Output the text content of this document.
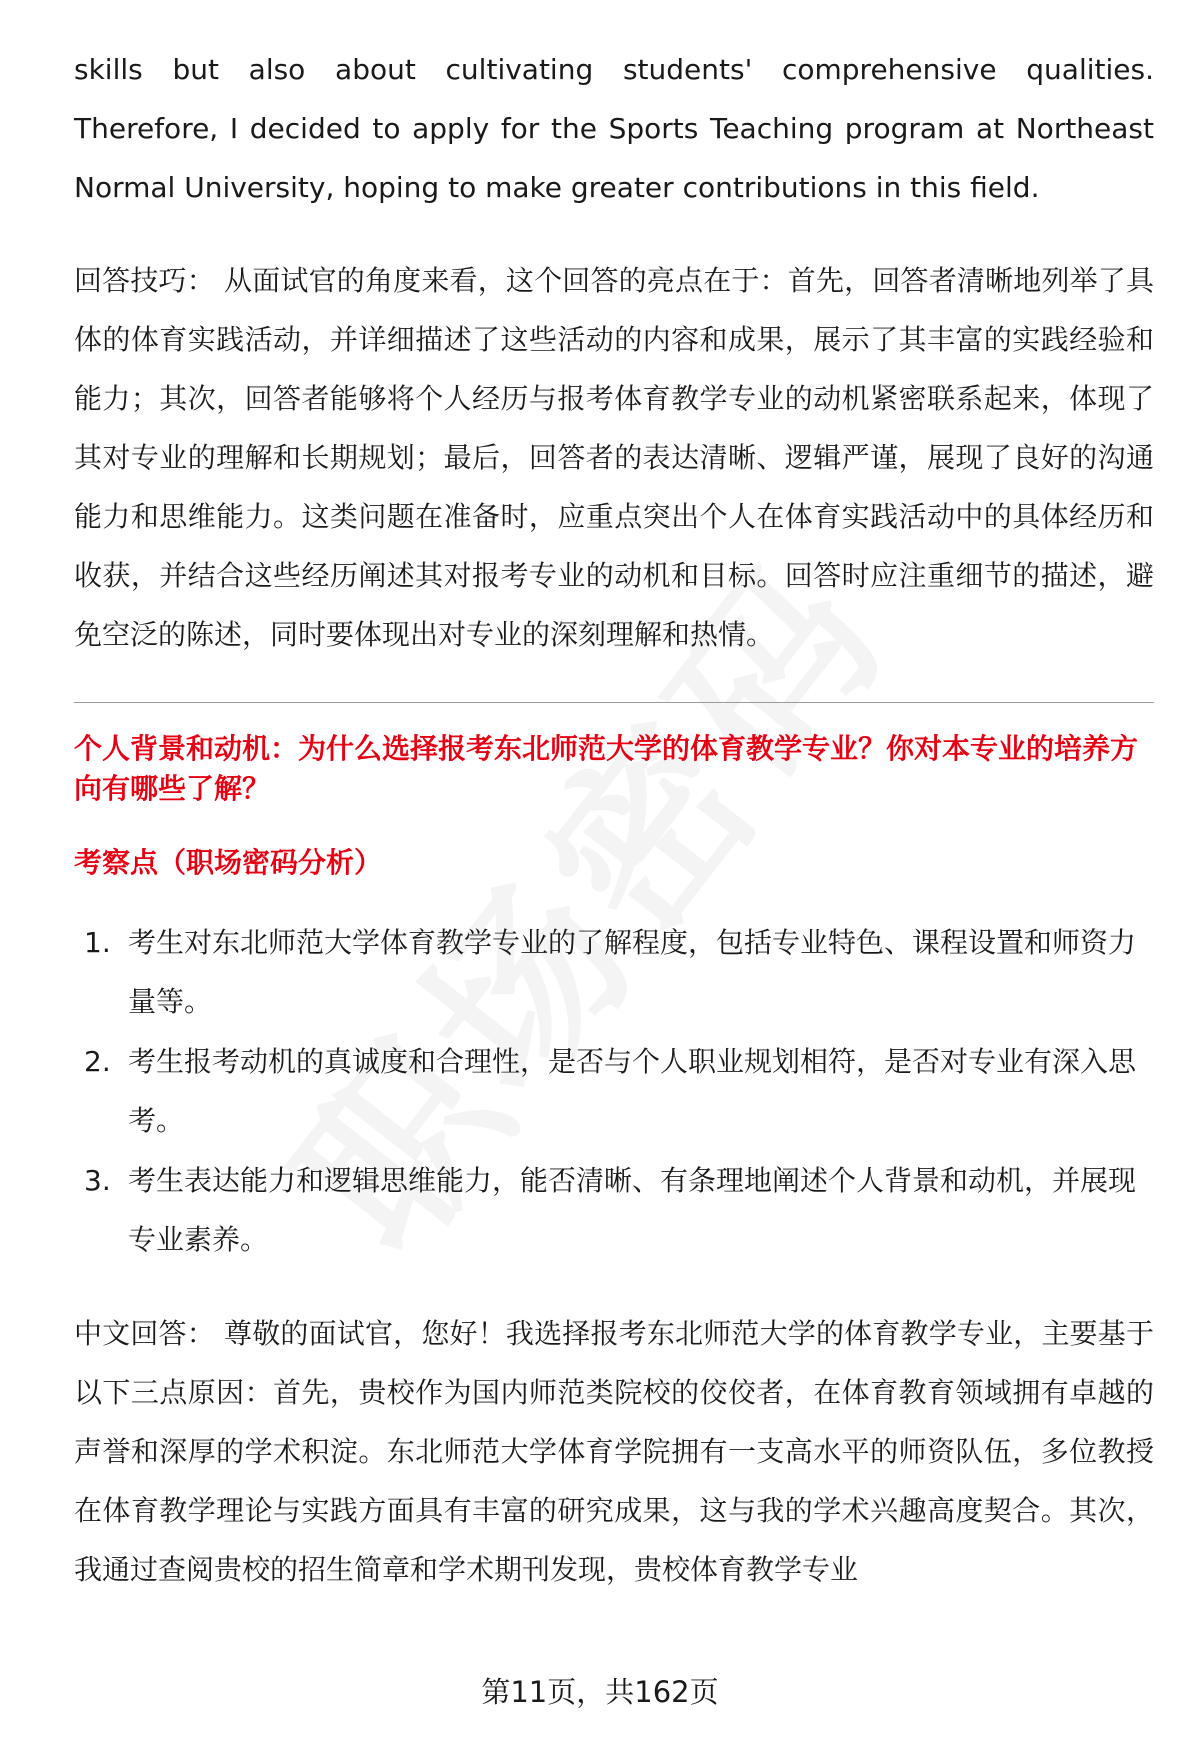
skills but also about cultivating students' comprehensive qualities. Therefore, I decided to apply for the Sports Teaching program at Northeast Normal University, hoping to make greater contributions in this field.

回答技巧： 从面试官的角度来看，这个回答的亮点在于：首先，回答者清晰地列举了具体的体育实践活动，并详细描述了这些活动的内容和成果，展示了其丰富的实践经验和能力；其次，回答者能够将个人经历与报考体育教学专业的动机紧密联系起来，体现了其对专业的理解和长期规划；最后，回答者的表达清晰、逻辑严谨，展现了良好的沟通能力和思维能力。这类问题在准备时，应重点突出个人在体育实践活动中的具体经历和收获，并结合这些经历阐述其对报考专业的动机和目标。回答时应注重细节的描述，避免空泛的陈述，同时要体现出对专业的深刻理解和热情。

个人背景和动机：为什么选择报考东北师范大学的体育教学专业？你对本专业的培养方向有哪些了解？

考察点（职场密码分析）

1. 考生对东北师范大学体育教学专业的了解程度，包括专业特色、课程设置和师资力量等。
2. 考生报考动机的真诚度和合理性，是否与个人职业规划相符，是否对专业有深入思考。
3. 考生表达能力和逻辑思维能力，能否清晰、有条理地阐述个人背景和动机，并展现专业素养。

中文回答： 尊敬的面试官，您好！我选择报考东北师范大学的体育教学专业，主要基于以下三点原因：首先，贵校作为国内师范类院校的佼佼者，在体育教育领域拥有卓越的声誉和深厚的学术积淀。东北师范大学体育学院拥有一支高水平的师资队伍，多位教授在体育教学理论与实践方面具有丰富的研究成果，这与我的学术兴趣高度契合。其次，我通过查阅贵校的招生简章和学术期刊发现，贵校体育教学专业

第11页，共162页
